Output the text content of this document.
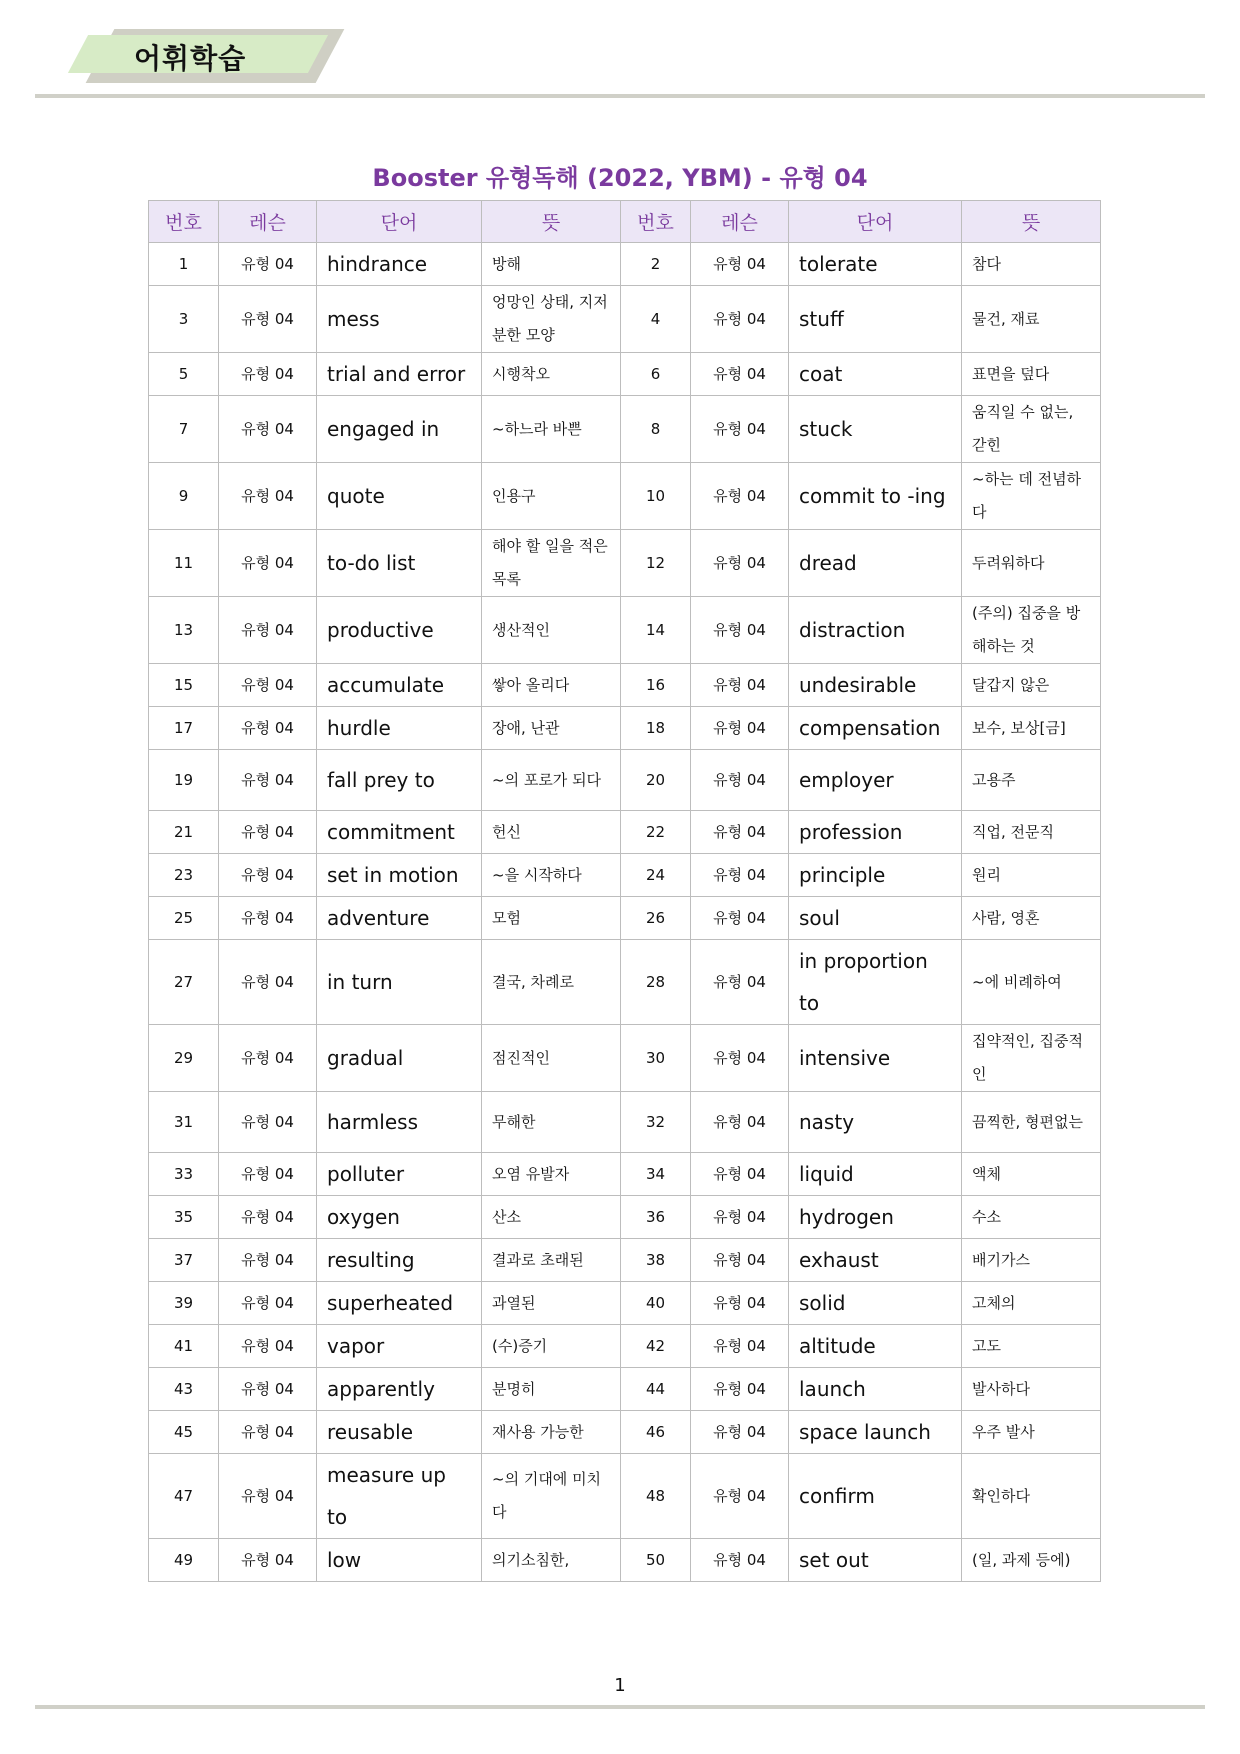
어휘학습
Booster 유형독해 (2022, YBM) - 유형 04
번호	레슨	단어	뜻	번호	레슨	단어	뜻
1	유형 04	hindrance	방해	2	유형 04	tolerate	참다
3	유형 04	mess	엉망인 상태, 지저분한 모양	4	유형 04	stuff	물건, 재료
5	유형 04	trial and error	시행착오	6	유형 04	coat	표면을 덮다
7	유형 04	engaged in	~하느라 바쁜	8	유형 04	stuck	움직일 수 없는, 갇힌
9	유형 04	quote	인용구	10	유형 04	commit to -ing	~하는 데 전념하다
11	유형 04	to-do list	해야 할 일을 적은 목록	12	유형 04	dread	두려워하다
13	유형 04	productive	생산적인	14	유형 04	distraction	(주의) 집중을 방해하는 것
15	유형 04	accumulate	쌓아 올리다	16	유형 04	undesirable	달갑지 않은
17	유형 04	hurdle	장애, 난관	18	유형 04	compensation	보수, 보상[금]
19	유형 04	fall prey to	~의 포로가 되다	20	유형 04	employer	고용주
21	유형 04	commitment	헌신	22	유형 04	profession	직업, 전문직
23	유형 04	set in motion	~을 시작하다	24	유형 04	principle	원리
25	유형 04	adventure	모험	26	유형 04	soul	사람, 영혼
27	유형 04	in turn	결국, 차례로	28	유형 04	in proportion to	~에 비례하여
29	유형 04	gradual	점진적인	30	유형 04	intensive	집약적인, 집중적인
31	유형 04	harmless	무해한	32	유형 04	nasty	끔찍한, 형편없는
33	유형 04	polluter	오염 유발자	34	유형 04	liquid	액체
35	유형 04	oxygen	산소	36	유형 04	hydrogen	수소
37	유형 04	resulting	결과로 초래된	38	유형 04	exhaust	배기가스
39	유형 04	superheated	과열된	40	유형 04	solid	고체의
41	유형 04	vapor	(수)증기	42	유형 04	altitude	고도
43	유형 04	apparently	분명히	44	유형 04	launch	발사하다
45	유형 04	reusable	재사용 가능한	46	유형 04	space launch	우주 발사
47	유형 04	measure up to	~의 기대에 미치다	48	유형 04	confirm	확인하다
49	유형 04	low	의기소침한,	50	유형 04	set out	(일, 과제 등에)
1
